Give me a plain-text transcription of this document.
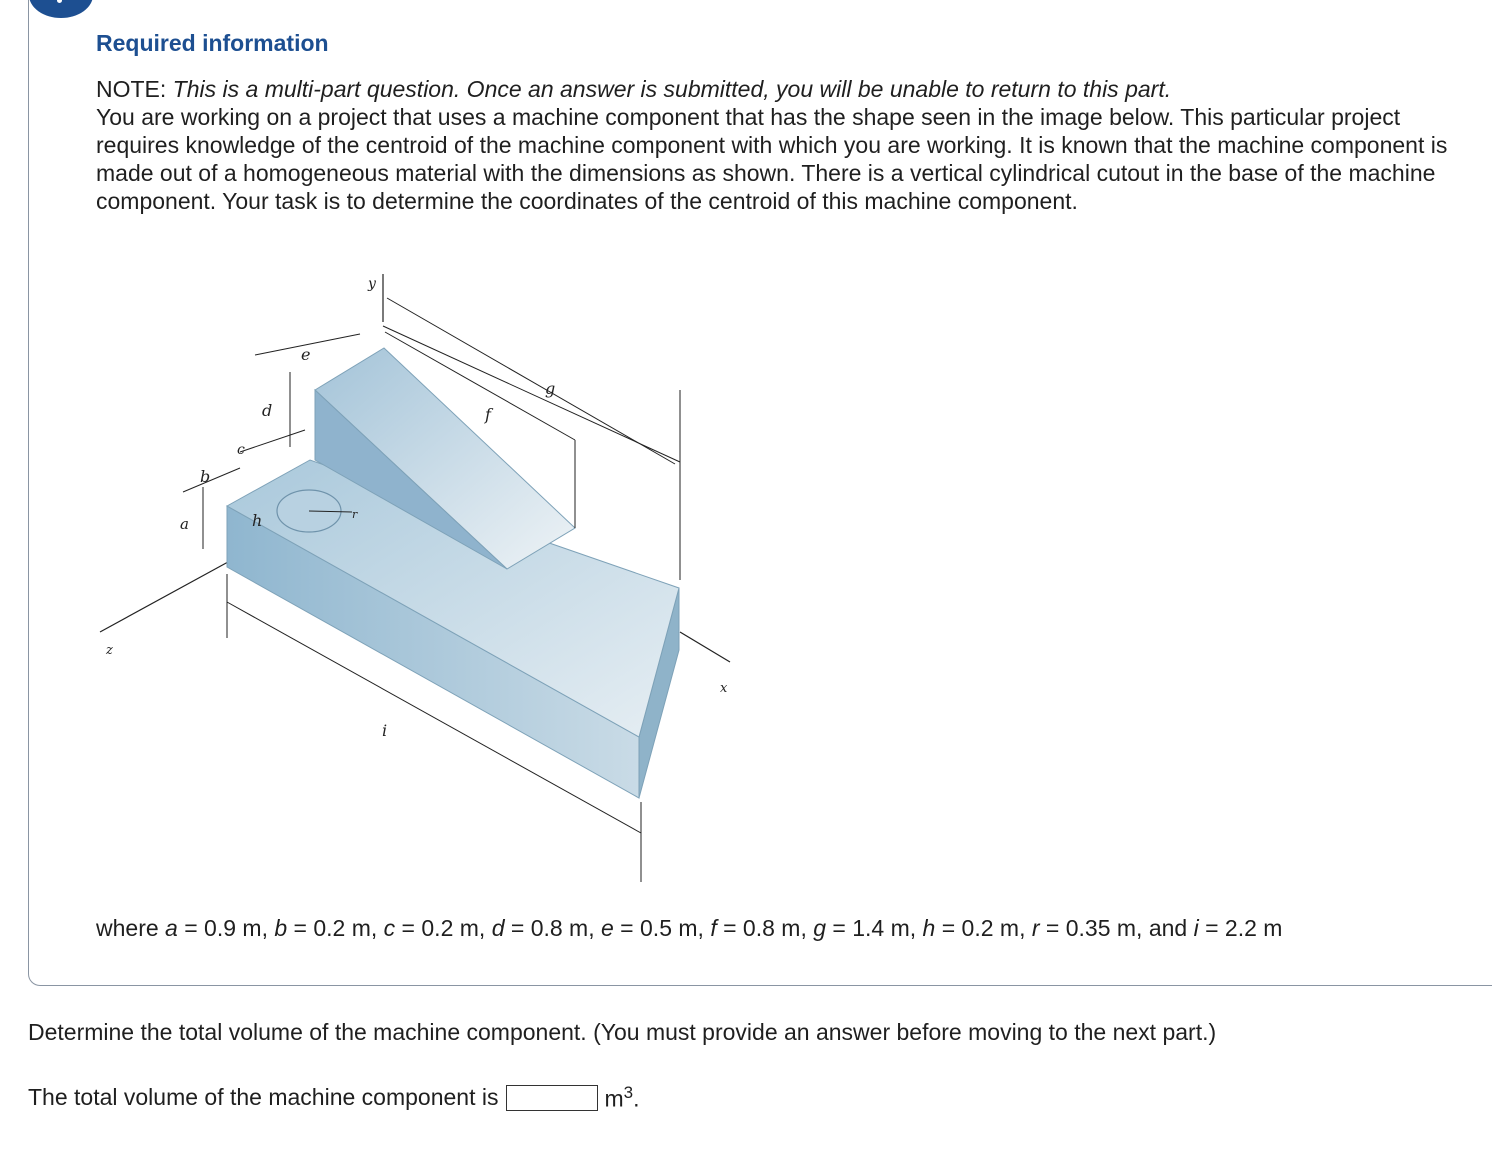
Required information

NOTE: This is a multi-part question. Once an answer is submitted, you will be unable to return to this part.
You are working on a project that uses a machine component that has the shape seen in the image below. This particular project requires knowledge of the centroid of the machine component with which you are working. It is known that the machine component is made out of a homogeneous material with the dimensions as shown. There is a vertical cylindrical cutout in the base of the machine component. Your task is to determine the coordinates of the centroid of this machine component.

y
z
x
r
g
f
e
d
c
b
a	h
i

where a = 0.9 m, b = 0.2 m, c = 0.2 m, d = 0.8 m, e = 0.5 m, f = 0.8 m, g = 1.4 m, h = 0.2 m, r = 0.35 m, and i = 2.2 m

Determine the total volume of the machine component. (You must provide an answer before moving to the next part.)

The total volume of the machine component is	$m^3$.
